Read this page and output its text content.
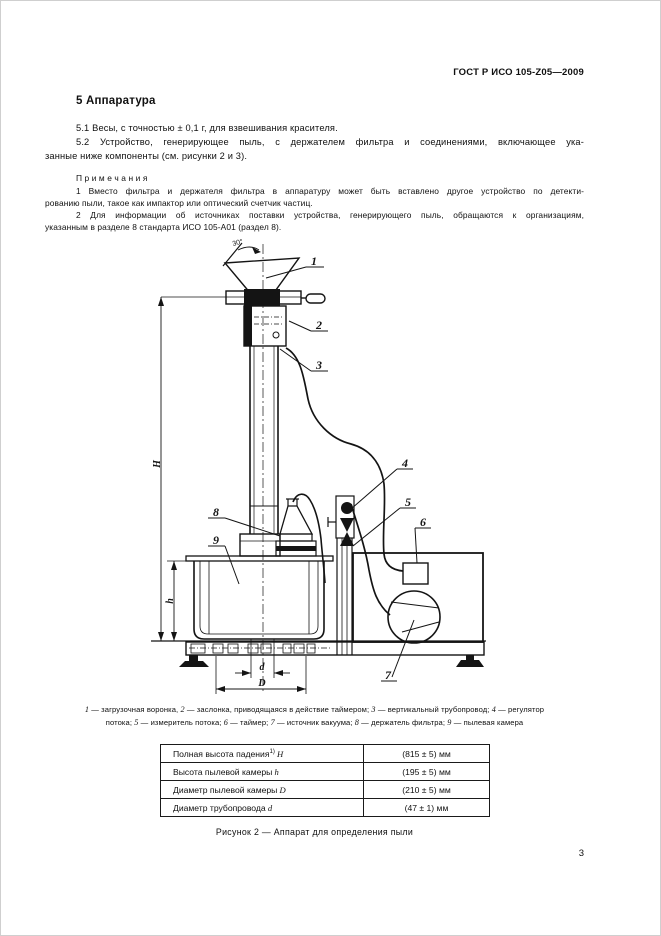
ГОСТ Р ИСО 105-Z05—2009
5 Аппаратура
5.1 Весы, с точностью ± 0,1 г, для взвешивания красителя.
5.2 Устройство, генерирующее пыль, с держателем фильтра и соединениями, включающее ука-
занные ниже компоненты (см. рисунки 2 и 3).
П р и м е ч а н и я
1 Вместо фильтра и держателя фильтра в аппаратуру может быть вставлено другое устройство по детекти-
рованию пыли, такое как импактор или оптический счетчик частиц.
2 Для информации об источниках поставки устройства, генерирующего пыль, обращаются к организациям,
указанным в разделе 8 стандарта ИСО 105-А01 (раздел 8).
30°
H
h
d
D
1
2
3
4
5
6
7
8
9
1 — загрузочная воронка, 2 — заслонка, приводящаяся в действие таймером; 3 — вертикальный трубопровод; 4 — регулятор
потока; 5 — измеритель потока; 6 — таймер; 7 — источник вакуума; 8 — держатель фильтра; 9 — пылевая камера
Полная высота падения$^{1)}$ H	(815 ± 5) мм
Высота пылевой камеры h	(195 ± 5) мм
Диаметр пылевой камеры D	(210 ± 5) мм
Диаметр трубопровода d	(47 ± 1) мм
Рисунок 2 — Аппарат для определения пыли
3
